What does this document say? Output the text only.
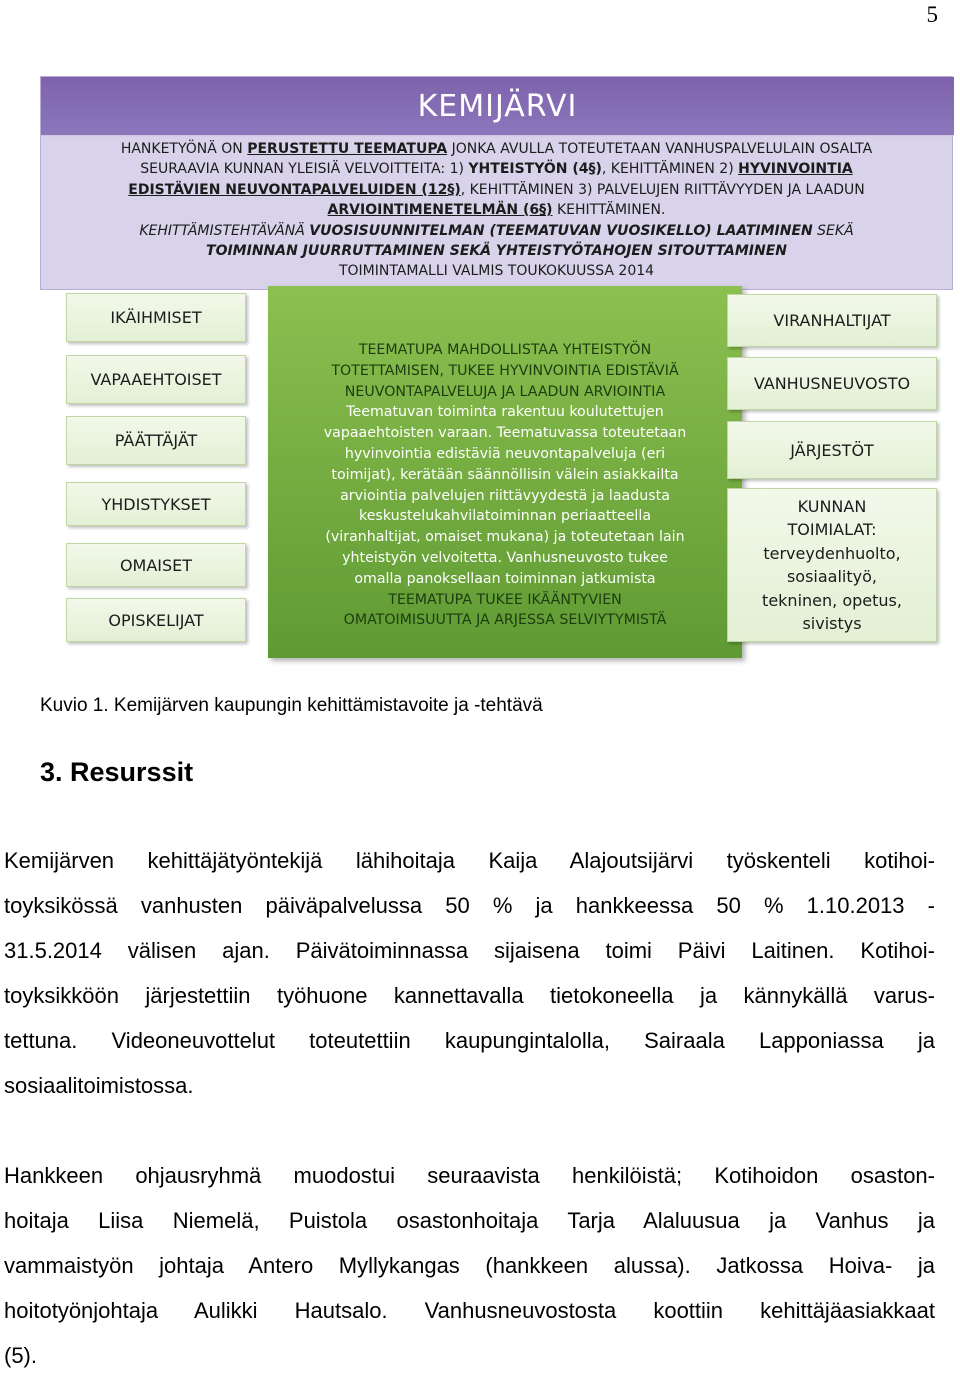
5
KEMIJÄRVI
HANKETYÖNÄ ON PERUSTETTU TEEMATUPA JONKA AVULLA TOTEUTETAAN VANHUSPALVELULAIN OSALTA
SEURAAVIA KUNNAN YLEISIÄ VELVOITTEITA: 1) YHTEISTYÖN (4§), KEHITTÄMINEN 2) HYVINVOINTIA
EDISTÄVIEN NEUVONTAPALVELUIDEN (12§), KEHITTÄMINEN 3) PALVELUJEN RIITTÄVYYDEN JA LAADUN
ARVIOINTIMENETELMÄN (6§) KEHITTÄMINEN.
KEHITTÄMISTEHTÄVÄNÄ VUOSISUUNNITELMAN (TEEMATUVAN VUOSIKELLO) LAATIMINEN SEKÄ
TOIMINNAN JUURRUTTAMINEN SEKÄ YHTEISTYÖTAHOJEN SITOUTTAMINEN
TOIMINTAMALLI VALMIS TOUKOKUUSSA 2014
IKÄIHMISET
VAPAAEHTOISET
PÄÄTTÄJÄT
YHDISTYKSET
OMAISET
OPISKELIJAT
TEEMATUPA MAHDOLLISTAA YHTEISTYÖN
TOTETTAMISEN, TUKEE HYVINVOINTIA EDISTÄVIÄ
NEUVONTAPALVELUJA JA LAADUN ARVIOINTIA
Teematuvan toiminta rakentuu koulutettujen
vapaaehtoisten varaan. Teematuvassa toteutetaan
hyvinvointia edistäviä neuvontapalveluja (eri
toimijat), kerätään säännöllisin välein asiakkailta
arviointia palvelujen riittävyydestä ja laadusta
keskustelukahvilatoiminnan periaatteella
(viranhaltijat, omaiset mukana) ja toteutetaan lain
yhteistyön velvoitetta. Vanhusneuvosto tukee
omalla panoksellaan toiminnan jatkumista
TEEMATUPA TUKEE IKÄÄNTYVIEN
OMATOIMISUUTTA JA ARJESSA SELVIYTYMISTÄ
VIRANHALTIJAT
VANHUSNEUVOSTO
JÄRJESTÖT
KUNNAN
TOIMIALAT:
terveydenhuolto,
sosiaalityö,
tekninen, opetus,
sivistys
Kuvio 1. Kemijärven kaupungin kehittämistavoite ja -tehtävä
3. Resurssit
Kemijärven kehittäjätyöntekijä lähihoitaja Kaija Alajoutsijärvi työskenteli kotihoi-
toyksikössä vanhusten päiväpalvelussa 50 % ja hankkeessa 50 % 1.10.2013 -
31.5.2014 välisen ajan. Päivätoiminnassa sijaisena toimi Päivi Laitinen. Kotihoi-
toyksikköön järjestettiin työhuone kannettavalla tietokoneella ja kännykällä varus-
tettuna. Videoneuvottelut toteutettiin kaupungintalolla, Sairaala Lapponiassa ja
sosiaalitoimistossa.
Hankkeen ohjausryhmä muodostui seuraavista henkilöistä; Kotihoidon osaston-
hoitaja Liisa Niemelä, Puistola osastonhoitaja Tarja Alaluusua ja Vanhus ja
vammaistyön johtaja Antero Myllykangas (hankkeen alussa). Jatkossa Hoiva- ja
hoitotyönjohtaja Aulikki Hautsalo. Vanhusneuvostosta koottiin kehittäjäasiakkaat
(5).
